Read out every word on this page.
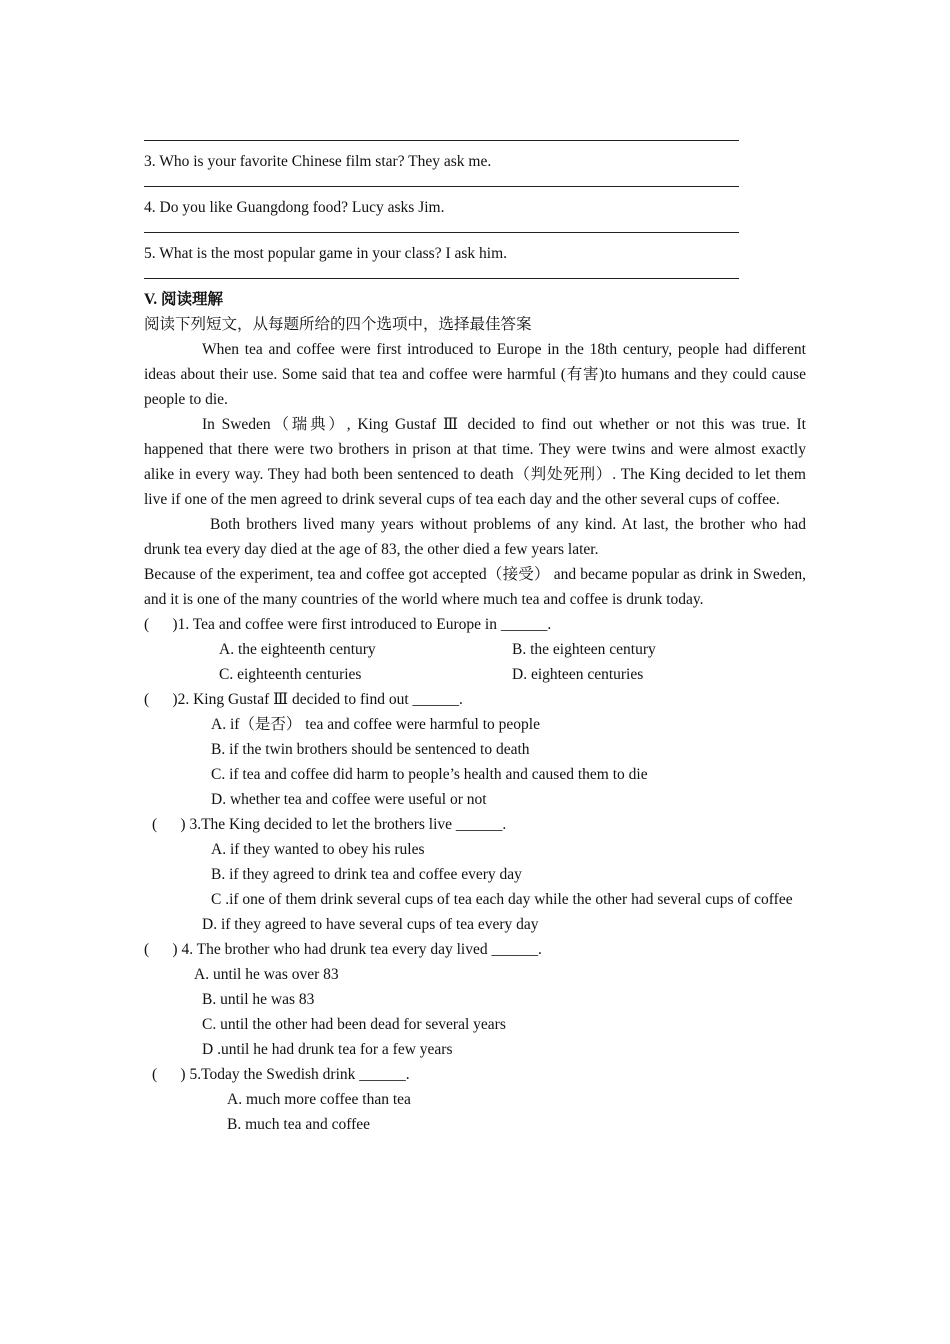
3. Who is your favorite Chinese film star? They ask me.
4. Do you like Guangdong food? Lucy asks Jim.
5. What is the most popular game in your class? I ask him.
V. 阅读理解
阅读下列短文，从每题所给的四个选项中，选择最佳答案

When tea and coffee were first introduced to Europe in the 18th century, people had different ideas about their use. Some said that tea and coffee were harmful (有害)to humans and they could cause people to die.

In Sweden（瑞典）, King Gustaf Ⅲ decided to find out whether or not this was true. It happened that there were two brothers in prison at that time. They were twins and were almost exactly alike in every way. They had both been sentenced to death（判处死刑）. The King decided to let them live if one of the men agreed to drink several cups of tea each day and the other several cups of coffee.

Both brothers lived many years without problems of any kind. At last, the brother who had drunk tea every day died at the age of 83, the other died a few years later.

Because of the experiment, tea and coffee got accepted（接受） and became popular as drink in Sweden, and it is one of the many countries of the world where much tea and coffee is drunk today.

(      )1. Tea and coffee were first introduced to Europe in ______.
A. the eighteenth century	B. the eighteen century
C. eighteenth centuries	D. eighteen centuries
(      )2. King Gustaf Ⅲ decided to find out ______.
A. if（是否） tea and coffee were harmful to people
B. if the twin brothers should be sentenced to death
C. if tea and coffee did harm to people’s health and caused them to die
D. whether tea and coffee were useful or not
(      ) 3.The King decided to let the brothers live ______.
A. if they wanted to obey his rules
B. if they agreed to drink tea and coffee every day

C .if one of them drink several cups of tea each day while the other had several cups of coffee

D. if they agreed to have several cups of tea every day
(      ) 4. The brother who had drunk tea every day lived ______.
A. until he was over 83
B. until he was 83
C. until the other had been dead for several years
D .until he had drunk tea for a few years
(      ) 5.Today the Swedish drink ______.
A. much more coffee than tea
B. much tea and coffee
